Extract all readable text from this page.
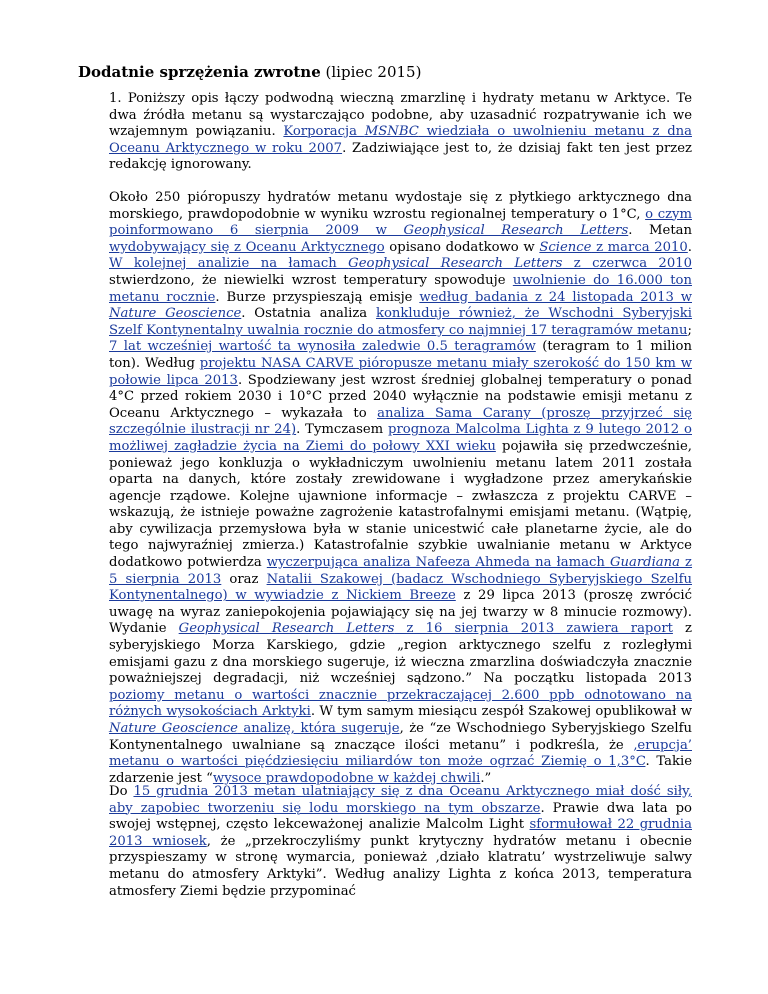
Dodatnie sprzężenia zwrotne (lipiec 2015)

1. Poniższy opis łączy podwodną wieczną zmarzlinę i hydraty metanu w Arktyce. Te dwa źródła metanu są wystarczająco podobne, aby uzasadnić rozpatrywanie ich we wzajemnym powiązaniu. Korporacja MSNBC wiedziała o uwolnieniu metanu z dna Oceanu Arktycznego w roku 2007. Zadziwiające jest to, że dzisiaj fakt ten jest przez redakcję ignorowany.

Około 250 pióropuszy hydratów metanu wydostaje się z płytkiego arktycznego dna morskiego, prawdopodobnie w wyniku wzrostu regionalnej temperatury o 1°C, o czym poinformowano 6 sierpnia 2009 w Geophysical Research Letters. Metan wydobywający się z Oceanu Arktycznego opisano dodatkowo w Science z marca 2010. W kolejnej analizie na łamach Geophysical Research Letters z czerwca 2010 stwierdzono, że niewielki wzrost temperatury spowoduje uwolnienie do 16.000 ton metanu rocznie. Burze przyspieszają emisje według badania z 24 listopada 2013 w Nature Geoscience. Ostatnia analiza konkluduje również, że Wschodni Syberyjski Szelf Kontynentalny uwalnia rocznie do atmosfery co najmniej 17 teragramów metanu; 7 lat wcześniej wartość ta wynosiła zaledwie 0.5 teragramów (teragram to 1 milion ton). Według projektu NASA CARVE pióropusze metanu miały szerokość do 150 km w połowie lipca 2013. Spodziewany jest wzrost średniej globalnej temperatury o ponad 4°C przed rokiem 2030 i 10°C przed 2040 wyłącznie na podstawie emisji metanu z Oceanu Arktycznego – wykazała to analiza Sama Carany (proszę przyjrzeć się szczególnie ilustracji nr 24). Tymczasem prognoza Malcolma Lighta z 9 lutego 2012 o możliwej zagładzie życia na Ziemi do połowy XXI wieku pojawiła się przedwcześnie, ponieważ jego konkluzja o wykładniczym uwolnieniu metanu latem 2011 została oparta na danych, które zostały zrewidowane i wygładzone przez amerykańskie agencje rządowe. Kolejne ujawnione informacje – zwłaszcza z projektu CARVE – wskazują, że istnieje poważne zagrożenie katastrofalnymi emisjami metanu. (Wątpię, aby cywilizacja przemysłowa była w stanie unicestwić całe planetarne życie, ale do tego najwyraźniej zmierza.) Katastrofalnie szybkie uwalnianie metanu w Arktyce dodatkowo potwierdza wyczerpująca analiza Nafeeza Ahmeda na łamach Guardiana z 5 sierpnia 2013 oraz Natalii Szakowej (badacz Wschodniego Syberyjskiego Szelfu Kontynentalnego) w wywiadzie z Nickiem Breeze z 29 lipca 2013 (proszę zwrócić uwagę na wyraz zaniepokojenia pojawiający się na jej twarzy w 8 minucie rozmowy). Wydanie Geophysical Research Letters z 16 sierpnia 2013 zawiera raport z syberyjskiego Morza Karskiego, gdzie „region arktycznego szelfu z rozległymi emisjami gazu z dna morskiego sugeruje, iż wieczna zmarzlina doświadczyła znacznie poważniejszej degradacji, niż wcześniej sądzono.” Na początku listopada 2013 poziomy metanu o wartości znacznie przekraczającej 2.600 ppb odnotowano na różnych wysokościach Arktyki. W tym samym miesiącu zespół Szakowej opublikował w Nature Geoscience analizę, która sugeruje, że “ze Wschodniego Syberyjskiego Szelfu Kontynentalnego uwalniane są znaczące ilości metanu” i podkreśla, że ‚erupcja’ metanu o wartości pięćdziesięciu miliardów ton może ogrzać Ziemię o 1,3°C. Takie zdarzenie jest “wysoce prawdopodobne w każdej chwili.”

Do 15 grudnia 2013 metan ulatniający się z dna Oceanu Arktycznego miał dość siły, aby zapobiec tworzeniu się lodu morskiego na tym obszarze. Prawie dwa lata po swojej wstępnej, często lekceważonej analizie Malcolm Light sformułował 22 grudnia 2013 wniosek, że „przekroczyliśmy punkt krytyczny hydratów metanu i obecnie przyspieszamy w stronę wymarcia, ponieważ ‚działo klatratu’ wystrzeliwuje salwy metanu do atmosfery Arktyki”. Według analizy Lighta z końca 2013, temperatura atmosfery Ziemi będzie przypominać
